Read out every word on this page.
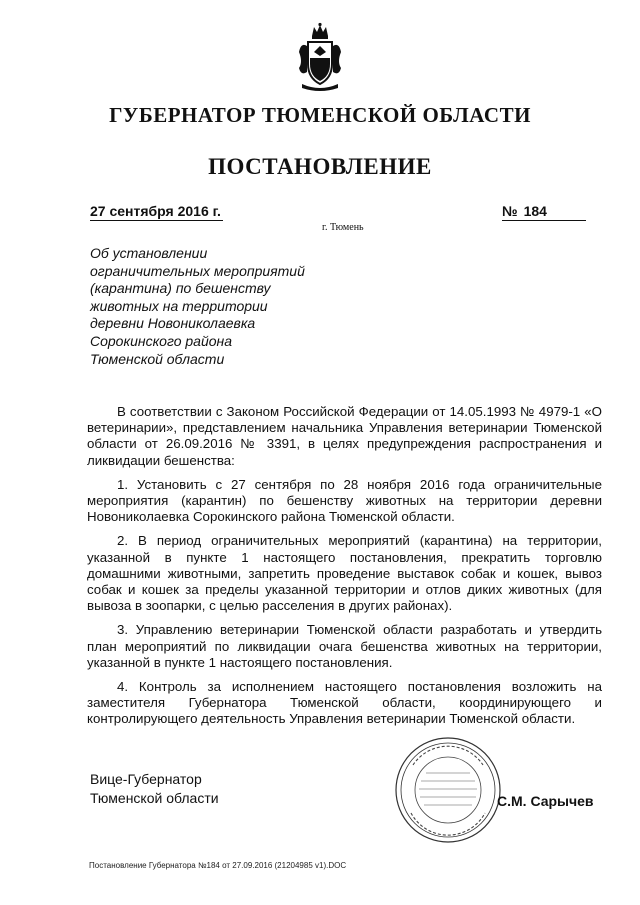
ГУБЕРНАТОР ТЮМЕНСКОЙ ОБЛАСТИ
ПОСТАНОВЛЕНИЕ
27 сентября 2016 г.	№ 184
г. Тюмень
Об установлении
ограничительных мероприятий
(карантина) по бешенству
животных на территории
деревни Новониколаевка
Сорокинского района
Тюменской области

В соответствии с Законом Российской Федерации от 14.05.1993 № 4979-1 «О ветеринарии», представлением начальника Управления ветеринарии Тюменской области от 26.09.2016 № 3391, в целях предупреждения распространения и ликвидации бешенства:

1. Установить с 27 сентября по 28 ноября 2016 года ограничительные мероприятия (карантин) по бешенству животных на территории деревни Новониколаевка Сорокинского района Тюменской области.

2. В период ограничительных мероприятий (карантина) на территории, указанной в пункте 1 настоящего постановления, прекратить торговлю домашними животными, запретить проведение выставок собак и кошек, вывоз собак и кошек за пределы указанной территории и отлов диких животных (для вывоза в зоопарки, с целью расселения в других районах).

3. Управлению ветеринарии Тюменской области разработать и утвердить план мероприятий по ликвидации очага бешенства животных на территории, указанной в пункте 1 настоящего постановления.

4. Контроль за исполнением настоящего постановления возложить на заместителя Губернатора Тюменской области, координирующего и контролирующего деятельность Управления ветеринарии Тюменской области.

Вице-Губернатор
Тюменской области	С.М. Сарычев
Постановление Губернатора №184 от 27.09.2016 (21204985 v1).DOC
